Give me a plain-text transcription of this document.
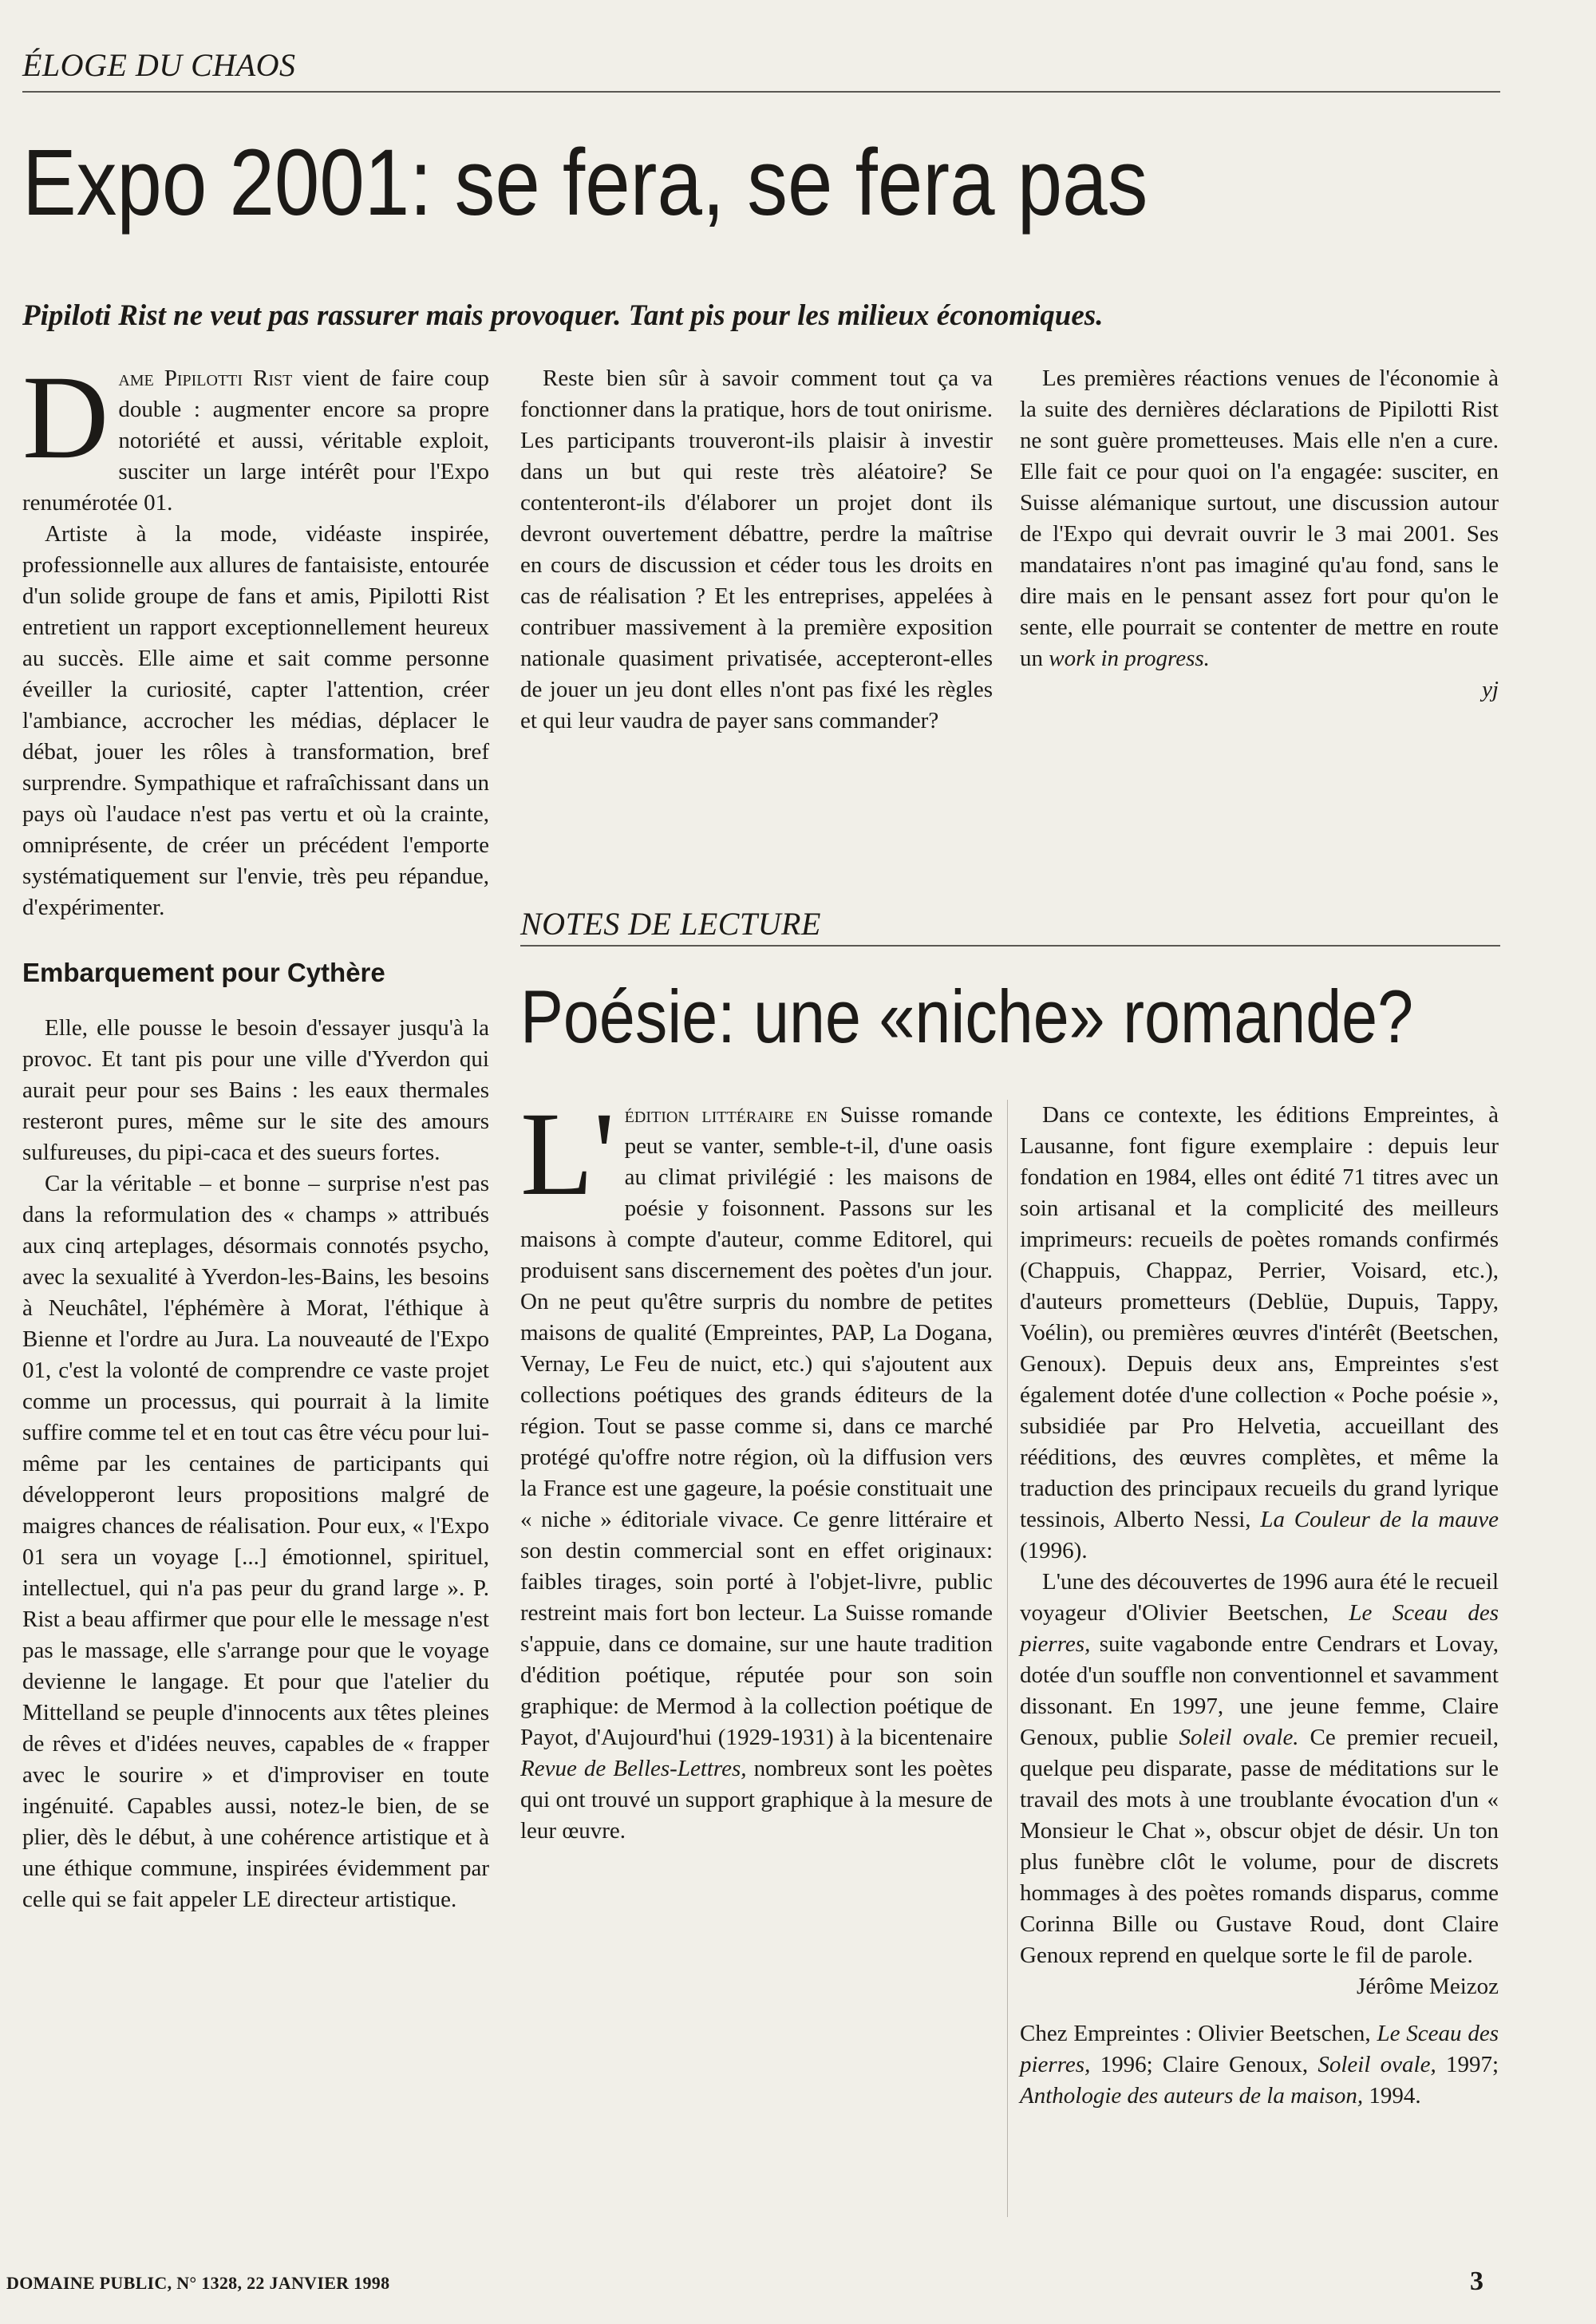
ÉLOGE DU CHAOS
Expo 2001: se fera, se fera pas
Pipiloti Rist ne veut pas rassurer mais provoquer. Tant pis pour les milieux économiques.

Dame Pipilotti Rist vient de faire coup double : augmenter encore sa propre notoriété et aussi, véritable exploit, susciter un large intérêt pour l'Expo renumérotée 01.

Artiste à la mode, vidéaste inspirée, professionnelle aux allures de fantaisiste, entourée d'un solide groupe de fans et amis, Pipilotti Rist entretient un rapport exceptionnellement heureux au succès. Elle aime et sait comme personne éveiller la curiosité, capter l'attention, créer l'ambiance, accrocher les médias, déplacer le débat, jouer les rôles à transformation, bref surprendre. Sympathique et rafraîchissant dans un pays où l'audace n'est pas vertu et où la crainte, omniprésente, de créer un précédent l'emporte systématiquement sur l'envie, très peu répandue, d'expérimenter.

Embarquement pour Cythère

Elle, elle pousse le besoin d'essayer jusqu'à la provoc. Et tant pis pour une ville d'Yverdon qui aurait peur pour ses Bains : les eaux thermales resteront pures, même sur le site des amours sulfureuses, du pipi-caca et des sueurs fortes.

Car la véritable – et bonne – surprise n'est pas dans la reformulation des « champs » attribués aux cinq arteplages, désormais connotés psycho, avec la sexualité à Yverdon-les-Bains, les besoins à Neuchâtel, l'éphémère à Morat, l'éthique à Bienne et l'ordre au Jura. La nouveauté de l'Expo 01, c'est la volonté de comprendre ce vaste projet comme un processus, qui pourrait à la limite suffire comme tel et en tout cas être vécu pour lui-même par les centaines de participants qui développeront leurs propositions malgré de maigres chances de réalisation. Pour eux, « l'Expo 01 sera un voyage [...] émotionnel, spirituel, intellectuel, qui n'a pas peur du grand large ». P. Rist a beau affirmer que pour elle le message n'est pas le massage, elle s'arrange pour que le voyage devienne le langage. Et pour que l'atelier du Mittelland se peuple d'innocents aux têtes pleines de rêves et d'idées neuves, capables de « frapper avec le sourire » et d'improviser en toute ingénuité. Capables aussi, notez-le bien, de se plier, dès le début, à une cohérence artistique et à une éthique commune, inspirées évidemment par celle qui se fait appeler LE directeur artistique.

Reste bien sûr à savoir comment tout ça va fonctionner dans la pratique, hors de tout onirisme. Les participants trouveront-ils plaisir à investir dans un but qui reste très aléatoire? Se contenteront-ils d'élaborer un projet dont ils devront ouvertement débattre, perdre la maîtrise en cours de discussion et céder tous les droits en cas de réalisation ? Et les entreprises, appelées à contribuer massivement à la première exposition nationale quasiment privatisée, accepteront-elles de jouer un jeu dont elles n'ont pas fixé les règles et qui leur vaudra de payer sans commander?

Les premières réactions venues de l'économie à la suite des dernières déclarations de Pipilotti Rist ne sont guère prometteuses. Mais elle n'en a cure. Elle fait ce pour quoi on l'a engagée: susciter, en Suisse alémanique surtout, une discussion autour de l'Expo qui devrait ouvrir le 3 mai 2001. Ses mandataires n'ont pas imaginé qu'au fond, sans le dire mais en le pensant assez fort pour qu'on le sente, elle pourrait se contenter de mettre en route un work in progress.

yj

NOTES DE LECTURE
Poésie: une «niche» romande?

L' édition littéraire en Suisse romande peut se vanter, semble-t-il, d'une oasis au climat privilégié : les maisons de poésie y foisonnent. Passons sur les maisons à compte d'auteur, comme Editorel, qui produisent sans discernement des poètes d'un jour. On ne peut qu'être surpris du nombre de petites maisons de qualité (Empreintes, PAP, La Dogana, Vernay, Le Feu de nuict, etc.) qui s'ajoutent aux collections poétiques des grands éditeurs de la région. Tout se passe comme si, dans ce marché protégé qu'offre notre région, où la diffusion vers la France est une gageure, la poésie constituait une « niche » éditoriale vivace. Ce genre littéraire et son destin commercial sont en effet originaux: faibles tirages, soin porté à l'objet-livre, public restreint mais fort bon lecteur. La Suisse romande s'appuie, dans ce domaine, sur une haute tradition d'édition poétique, réputée pour son soin graphique: de Mermod à la collection poétique de Payot, d'Aujourd'hui (1929-1931) à la bicentenaire Revue de Belles-Lettres, nombreux sont les poètes qui ont trouvé un support graphique à la mesure de leur œuvre.

Dans ce contexte, les éditions Empreintes, à Lausanne, font figure exemplaire : depuis leur fondation en 1984, elles ont édité 71 titres avec un soin artisanal et la complicité des meilleurs imprimeurs: recueils de poètes romands confirmés (Chappuis, Chappaz, Perrier, Voisard, etc.), d'auteurs prometteurs (Deblüe, Dupuis, Tappy, Voélin), ou premières œuvres d'intérêt (Beetschen, Genoux). Depuis deux ans, Empreintes s'est également dotée d'une collection « Poche poésie », subsidiée par Pro Helvetia, accueillant des rééditions, des œuvres complètes, et même la traduction des principaux recueils du grand lyrique tessinois, Alberto Nessi, La Couleur de la mauve (1996).

L'une des découvertes de 1996 aura été le recueil voyageur d'Olivier Beetschen, Le Sceau des pierres, suite vagabonde entre Cendrars et Lovay, dotée d'un souffle non conventionnel et savamment dissonant. En 1997, une jeune femme, Claire Genoux, publie Soleil ovale. Ce premier recueil, quelque peu disparate, passe de méditations sur le travail des mots à une troublante évocation d'un « Monsieur le Chat », obscur objet de désir. Un ton plus funèbre clôt le volume, pour de discrets hommages à des poètes romands disparus, comme Corinna Bille ou Gustave Roud, dont Claire Genoux reprend en quelque sorte le fil de parole.

Jérôme Meizoz

Chez Empreintes : Olivier Beetschen, Le Sceau des pierres, 1996; Claire Genoux, Soleil ovale, 1997; Anthologie des auteurs de la maison, 1994.

DOMAINE PUBLIC, N° 1328, 22 JANVIER 1998	3
